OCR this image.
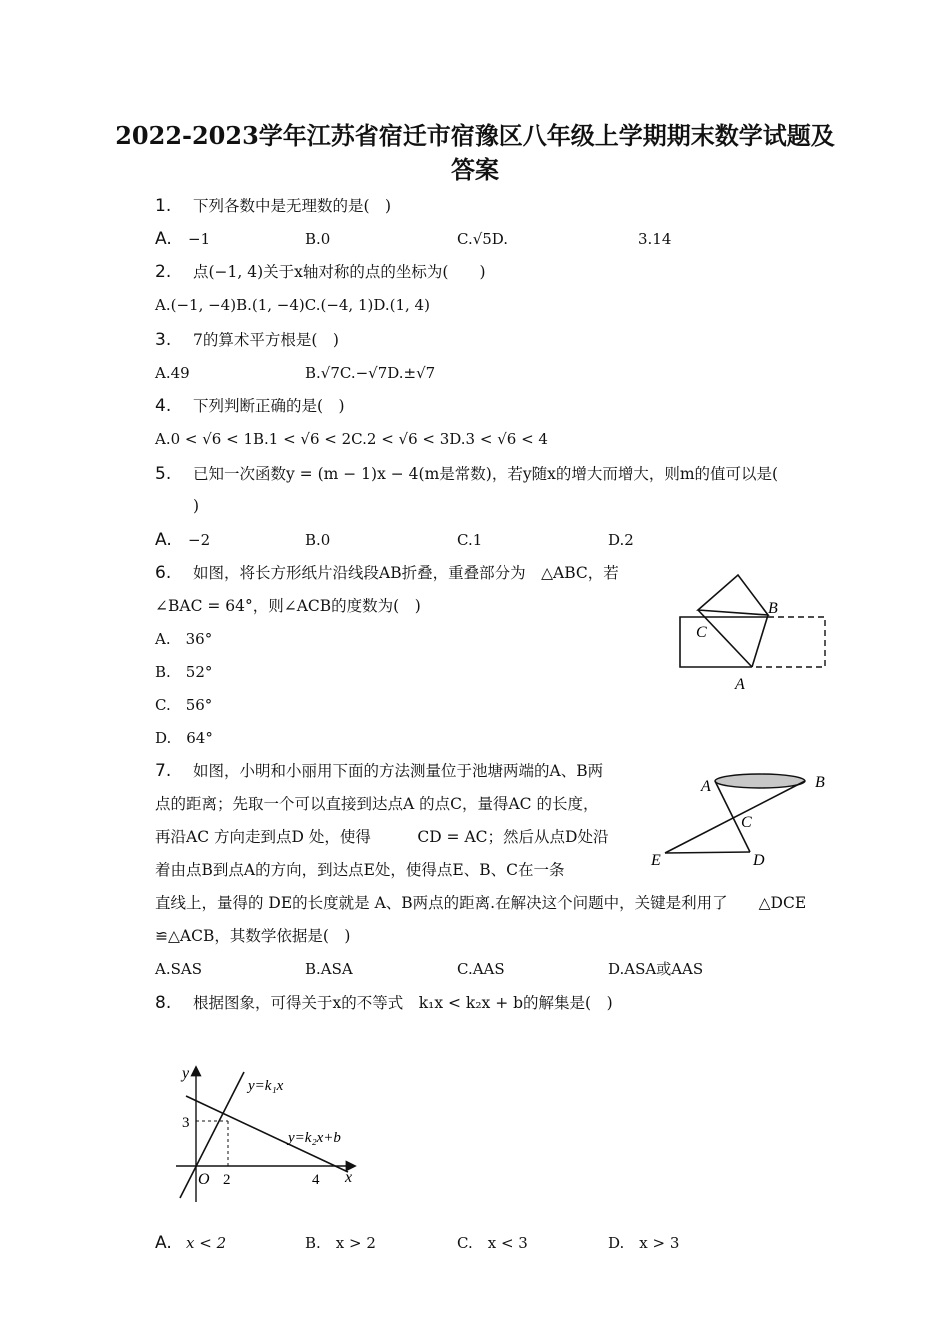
2022-2023学年江苏省宿迁市宿豫区八年级上学期期末数学试题及
答案
1. 下列各数中是无理数的是(　)
A. −1	B.0	C.√5D.	3.14
2. 点(−1, 4)关于x轴对称的点的坐标为(　　)
A.(−1, −4)B.(1, −4)C.(−4, 1)D.(1, 4)
3. 7的算术平方根是(　)
A.49	B.√7C.−√7D.±√7
4. 下列判断正确的是(　)
A.0 < √6 < 1B.1 < √6 < 2C.2 < √6 < 3D.3 < √6 < 4
5. 已知一次函数y = (m − 1)x − 4(m是常数)，若y随x的增大而增大，则m的值可以是(
)
A. −2	B.0	C.1	D.2
6. 如图，将长方形纸片沿线段AB折叠，重叠部分为　△ABC，若
∠BAC = 64°，则∠ACB的度数为(　)
A.　36°
B.　52°
C.　56°
D.　64°
B
C
A
7. 如图，小明和小丽用下面的方法测量位于池塘两端的A、B两
点的距离；先取一个可以直接到达点A 的点C，量得AC 的长度，
再沿AC 方向走到点D 处，使得　　　CD = AC；然后从点D处沿
着由点B到点A的方向，到达点E处，使得点E、B、C在一条
直线上，量得的 DE的长度就是 A、B两点的距离.在解决这个问题中，关键是利用了　　△DCE
≌△ACB，其数学依据是(　)
A.SAS	B.ASA	C.AAS	D.ASA或AAS
A	B
C
D
E
8. 根据图象，可得关于x的不等式　k₁x < k₂x + b的解集是(　)
y
x
O 2	4
3
y=k₁x
y=k₂x+b
A. x < 2	B.　x > 2	C.　x < 3	D.　x > 3
